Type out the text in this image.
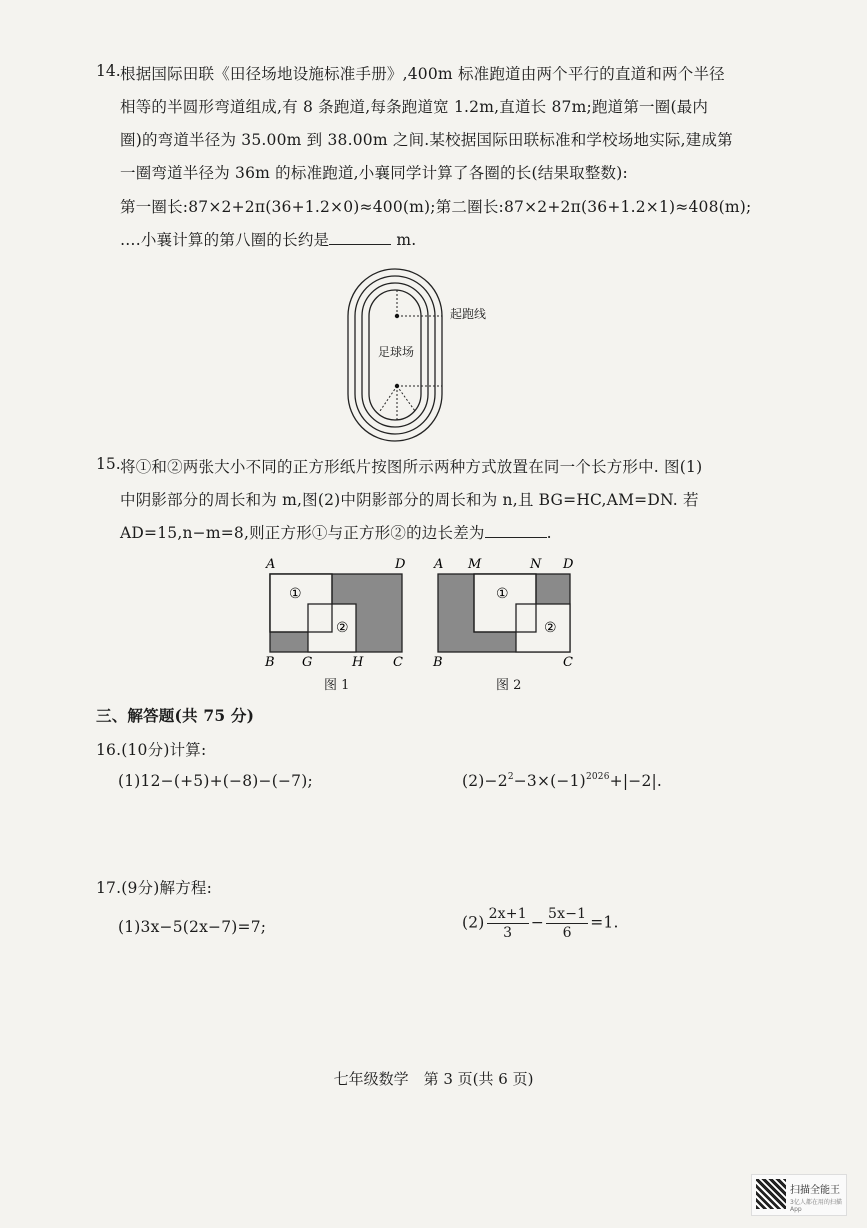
14. 根据国际田联《田径场地设施标准手册》,400m 标准跑道由两个平行的直道和两个半径
相等的半圆形弯道组成,有 8 条跑道,每条跑道宽 1.2m,直道长 87m;跑道第一圈(最内
圈)的弯道半径为 35.00m 到 38.00m 之间.某校据国际田联标准和学校场地实际,建成第
一圈弯道半径为 36m 的标准跑道,小襄同学计算了各圈的长(结果取整数):
第一圈长:87×2+2π(36+1.2×0)≈400(m);第二圈长:87×2+2π(36+1.2×1)≈408(m);
….小襄计算的第八圈的长约是	m.
起跑线
足球场
15. 将①和②两张大小不同的正方形纸片按图所示两种方式放置在同一个长方形中. 图(1)
中阴影部分的周长和为 m,图(2)中阴影部分的周长和为 n,且 BG=HC,AM=DN. 若
AD=15,n−m=8,则正方形①与正方形②的边长差为	.
A	D
B G	H C
①
②
图 1
A M	N D
B	C
①
②
图 2
三、解答题(共 75 分)
16.(10分)计算:
(1)12−(+5)+(−8)−(−7);	$(2)-2^2-3\times(-1)^{2026}+|-2|$.
17.(9分)解方程:
(1)3x−5(2x−7)=7;	$(2) \frac{2x+1}{3} - \frac{5x-1}{6} =1$.
七年级数学　第 3 页(共 6 页)
扫描全能王
3亿人都在用的扫描App
